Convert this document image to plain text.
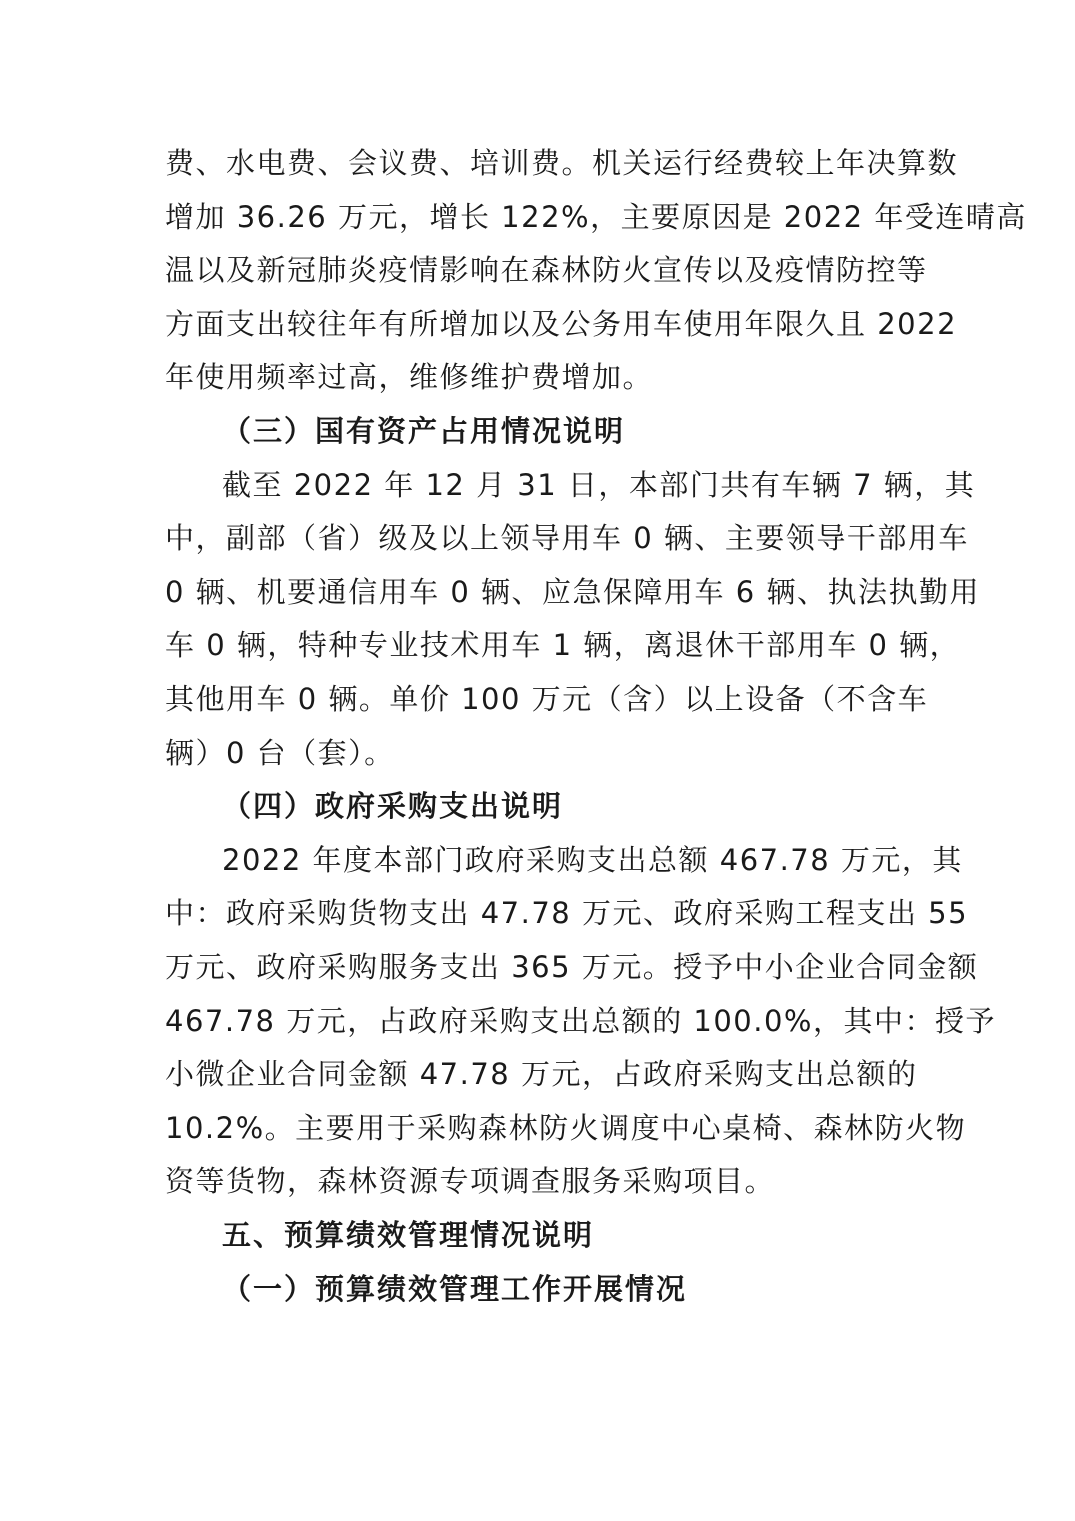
费、水电费、会议费、培训费。机关运行经费较上年决算数
增加 36.26 万元，增长 122%，主要原因是 2022 年受连晴高
温以及新冠肺炎疫情影响在森林防火宣传以及疫情防控等
方面支出较往年有所增加以及公务用车使用年限久且 2022
年使用频率过高，维修维护费增加。
（三）国有资产占用情况说明
截至 2022 年 12 月 31 日，本部门共有车辆 7 辆，其
中，副部（省）级及以上领导用车 0 辆、主要领导干部用车
0 辆、机要通信用车 0 辆、应急保障用车 6 辆、执法执勤用
车 0 辆，特种专业技术用车 1 辆，离退休干部用车 0 辆，
其他用车 0 辆。单价 100 万元（含）以上设备（不含车
辆）0 台（套）。
（四）政府采购支出说明
2022 年度本部门政府采购支出总额 467.78 万元，其
中：政府采购货物支出 47.78 万元、政府采购工程支出 55
万元、政府采购服务支出 365 万元。授予中小企业合同金额
467.78 万元，占政府采购支出总额的 100.0%，其中：授予
小微企业合同金额 47.78 万元，占政府采购支出总额的
10.2%。主要用于采购森林防火调度中心桌椅、森林防火物
资等货物，森林资源专项调查服务采购项目。
五、预算绩效管理情况说明
（一）预算绩效管理工作开展情况
